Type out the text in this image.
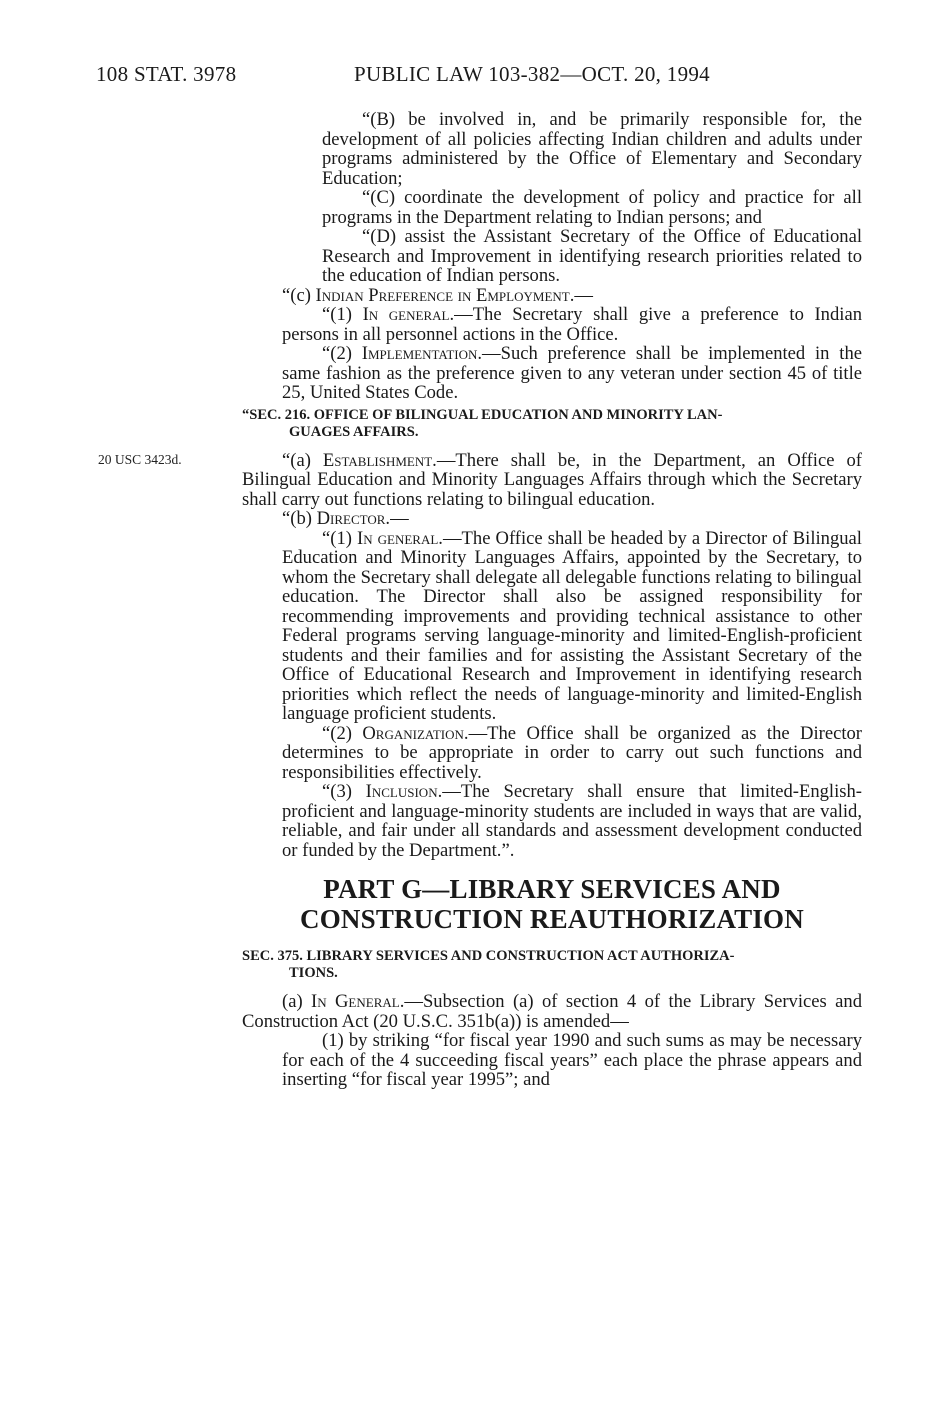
108 STAT. 3978	PUBLIC LAW 103-382—OCT. 20, 1994
20 USC 3423d.

“(B) be involved in, and be primarily responsible for, the development of all policies affecting Indian children and adults under programs administered by the Office of Elementary and Secondary Education;

“(C) coordinate the development of policy and practice for all programs in the Department relating to Indian persons; and

“(D) assist the Assistant Secretary of the Office of Educational Research and Improvement in identifying research priorities related to the education of Indian persons.

“(c) Indian Preference in Employment.—

“(1) In general.—The Secretary shall give a preference to Indian persons in all personnel actions in the Office.

“(2) Implementation.—Such preference shall be implemented in the same fashion as the preference given to any veteran under section 45 of title 25, United States Code.

“SEC. 216. OFFICE OF BILINGUAL EDUCATION AND MINORITY LAN-
GUAGES AFFAIRS.

“(a) Establishment.—There shall be, in the Department, an Office of Bilingual Education and Minority Languages Affairs through which the Secretary shall carry out functions relating to bilingual education.

“(b) Director.—

“(1) In general.—The Office shall be headed by a Director of Bilingual Education and Minority Languages Affairs, appointed by the Secretary, to whom the Secretary shall delegate all delegable functions relating to bilingual education. The Director shall also be assigned responsibility for recommending improvements and providing technical assistance to other Federal programs serving language-minority and limited-English-proficient students and their families and for assisting the Assistant Secretary of the Office of Educational Research and Improvement in identifying research priorities which reflect the needs of language-minority and limited-English language proficient students.

“(2) Organization.—The Office shall be organized as the Director determines to be appropriate in order to carry out such functions and responsibilities effectively.

“(3) Inclusion.—The Secretary shall ensure that limited-English-proficient and language-minority students are included in ways that are valid, reliable, and fair under all standards and assessment development conducted or funded by the Department.”.

PART G—LIBRARY SERVICES AND
CONSTRUCTION REAUTHORIZATION
SEC. 375. LIBRARY SERVICES AND CONSTRUCTION ACT AUTHORIZA-
TIONS.

(a) In General.—Subsection (a) of section 4 of the Library Services and Construction Act (20 U.S.C. 351b(a)) is amended—

(1) by striking “for fiscal year 1990 and such sums as may be necessary for each of the 4 succeeding fiscal years” each place the phrase appears and inserting “for fiscal year 1995”; and
